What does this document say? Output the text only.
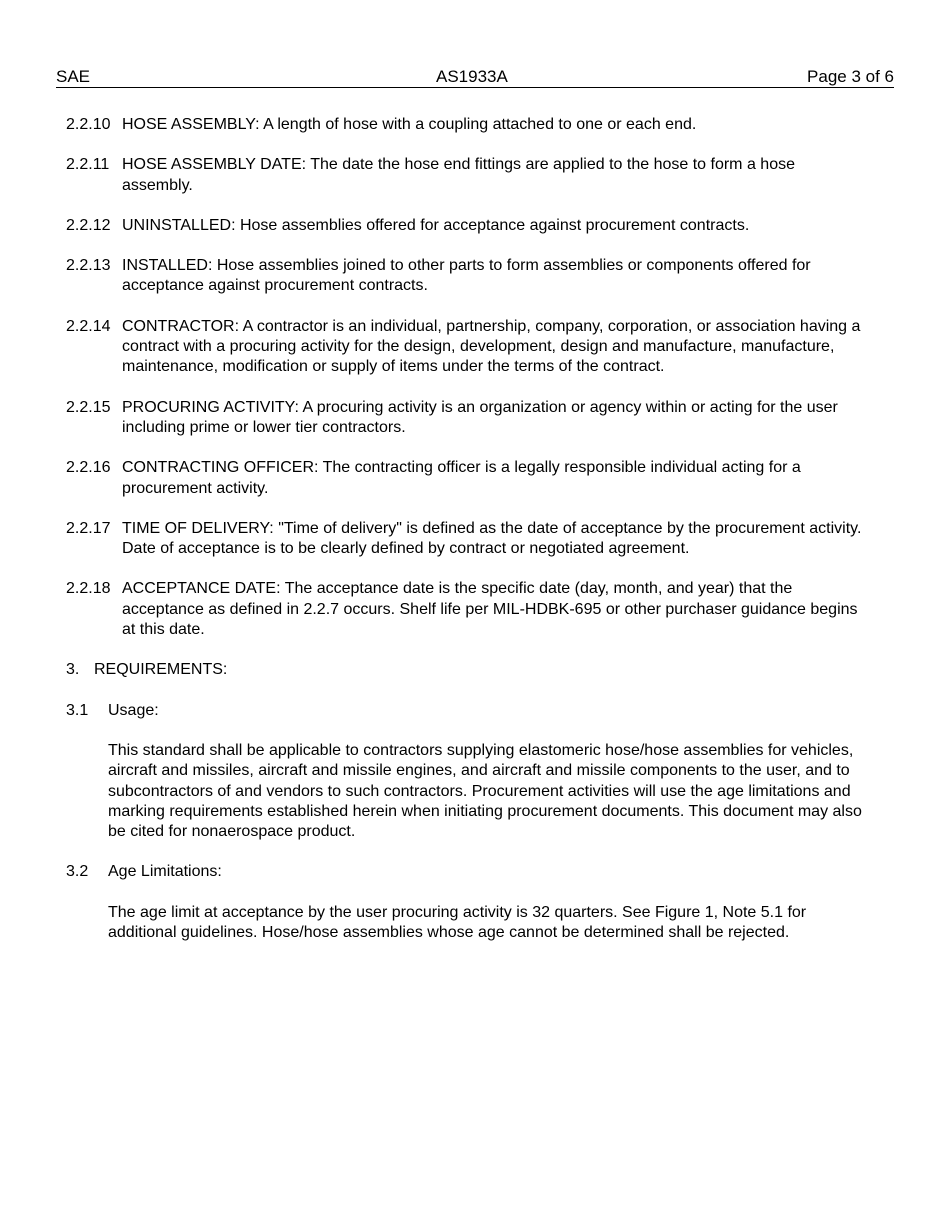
SAE	AS1933A	Page 3 of 6
2.2.10 HOSE ASSEMBLY: A length of hose with a coupling attached to one or each end.
2.2.11 HOSE ASSEMBLY DATE: The date the hose end fittings are applied to the hose to form a hose assembly.
2.2.12 UNINSTALLED: Hose assemblies offered for acceptance against procurement contracts.
2.2.13 INSTALLED: Hose assemblies joined to other parts to form assemblies or components offered for acceptance against procurement contracts.
2.2.14 CONTRACTOR: A contractor is an individual, partnership, company, corporation, or association having a contract with a procuring activity for the design, development, design and manufacture, manufacture, maintenance, modification or supply of items under the terms of the contract.
2.2.15 PROCURING ACTIVITY: A procuring activity is an organization or agency within or acting for the user including prime or lower tier contractors.
2.2.16 CONTRACTING OFFICER: The contracting officer is a legally responsible individual acting for a procurement activity.
2.2.17 TIME OF DELIVERY: "Time of delivery" is defined as the date of acceptance by the procurement activity. Date of acceptance is to be clearly defined by contract or negotiated agreement.
2.2.18 ACCEPTANCE DATE: The acceptance date is the specific date (day, month, and year) that the acceptance as defined in 2.2.7 occurs. Shelf life per MIL-HDBK-695 or other purchaser guidance begins at this date.
3. REQUIREMENTS:
3.1	Usage:
This standard shall be applicable to contractors supplying elastomeric hose/hose assemblies for vehicles, aircraft and missiles, aircraft and missile engines, and aircraft and missile components to the user, and to subcontractors of and vendors to such contractors. Procurement activities will use the age limitations and marking requirements established herein when initiating procurement documents. This document may also be cited for nonaerospace product.
3.2	Age Limitations:
The age limit at acceptance by the user procuring activity is 32 quarters. See Figure 1, Note 5.1 for additional guidelines. Hose/hose assemblies whose age cannot be determined shall be rejected.
